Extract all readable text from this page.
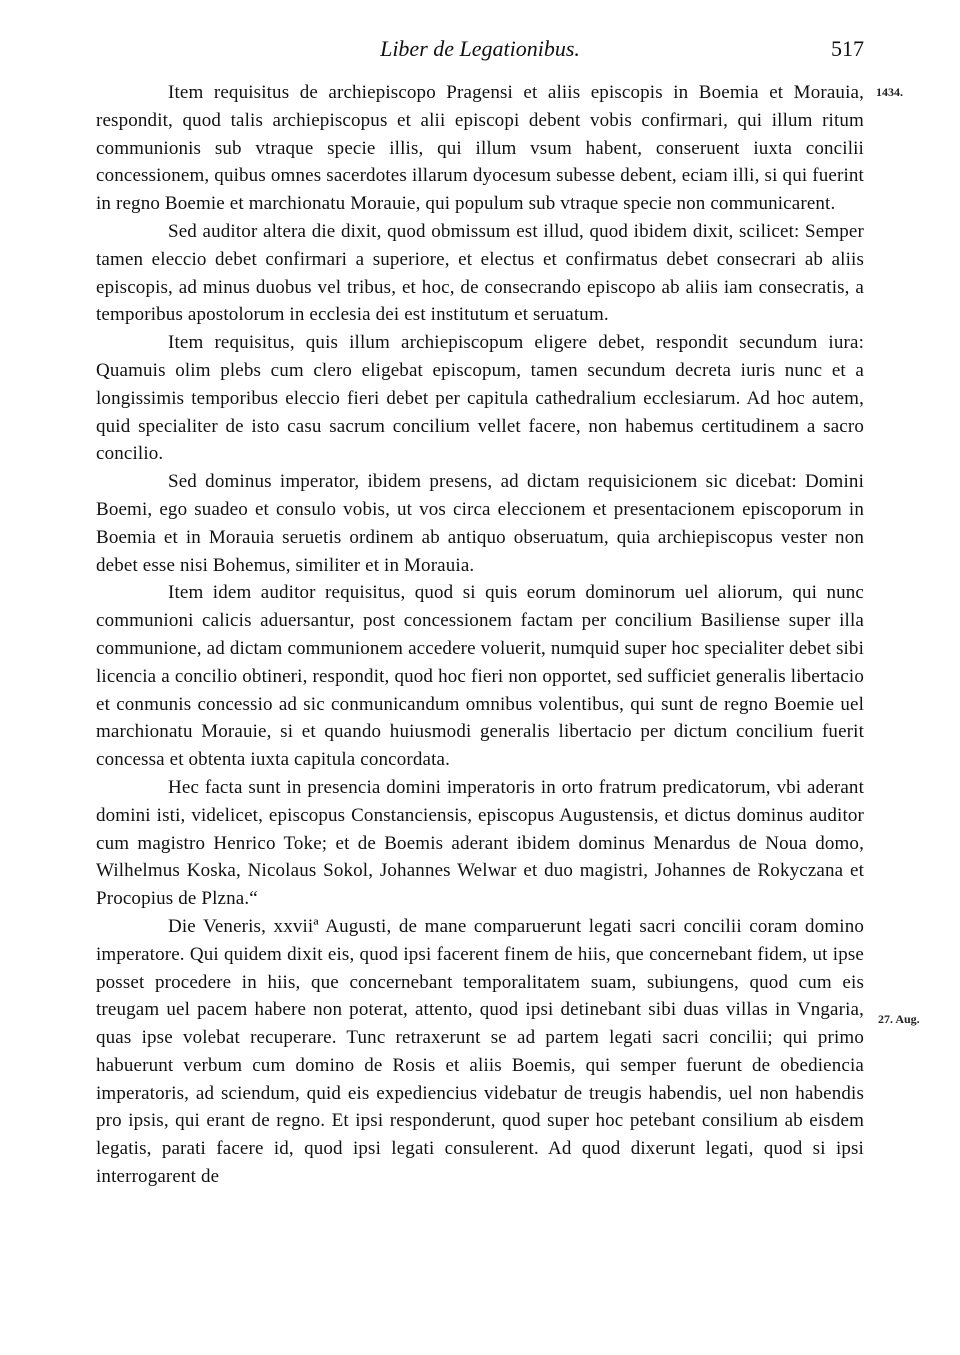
Liber de Legationibus.	517
1434.
27. Aug.

Item requisitus de archiepiscopo Pragensi et aliis episcopis in Boemia et Morauia, respondit, quod talis archiepiscopus et alii episcopi debent vobis confirmari, qui illum ritum communionis sub vtraque specie illis, qui illum vsum habent, conseruent iuxta concilii concessionem, quibus omnes sacerdotes illarum dyocesum subesse debent, eciam illi, si qui fuerint in regno Boemie et marchionatu Morauie, qui populum sub vtraque specie non communicarent.

Sed auditor altera die dixit, quod obmissum est illud, quod ibidem dixit, scilicet: Semper tamen eleccio debet confirmari a superiore, et electus et confirmatus debet consecrari ab aliis episcopis, ad minus duobus vel tribus, et hoc, de consecrando episcopo ab aliis iam consecratis, a temporibus apostolorum in ecclesia dei est institutum et seruatum.

Item requisitus, quis illum archiepiscopum eligere debet, respondit secundum iura: Quamuis olim plebs cum clero eligebat episcopum, tamen secundum decreta iuris nunc et a longissimis temporibus eleccio fieri debet per capitula cathedralium ecclesiarum. Ad hoc autem, quid specialiter de isto casu sacrum concilium vellet facere, non habemus certitudinem a sacro concilio.

Sed dominus imperator, ibidem presens, ad dictam requisicionem sic dicebat: Domini Boemi, ego suadeo et consulo vobis, ut vos circa eleccionem et presentacionem episcoporum in Boemia et in Morauia seruetis ordinem ab antiquo obseruatum, quia archiepiscopus vester non debet esse nisi Bohemus, similiter et in Morauia.

Item idem auditor requisitus, quod si quis eorum dominorum uel aliorum, qui nunc communioni calicis aduersantur, post concessionem factam per concilium Basiliense super illa communione, ad dictam communionem accedere voluerit, numquid super hoc specialiter debet sibi licencia a concilio obtineri, respondit, quod hoc fieri non opportet, sed sufficiet generalis libertacio et conmunis concessio ad sic conmunicandum omnibus volentibus, qui sunt de regno Boemie uel marchionatu Morauie, si et quando huiusmodi generalis libertacio per dictum concilium fuerit concessa et obtenta iuxta capitula concordata.

Hec facta sunt in presencia domini imperatoris in orto fratrum predicatorum, vbi aderant domini isti, videlicet, episcopus Constanciensis, episcopus Augustensis, et dictus dominus auditor cum magistro Henrico Toke; et de Boemis aderant ibidem dominus Menardus de Noua domo, Wilhelmus Koska, Nicolaus Sokol, Johannes Welwar et duo magistri, Johannes de Rokyczana et Procopius de Plzna.“

Die Veneris, xxviiª Augusti, de mane comparuerunt legati sacri concilii coram domino imperatore. Qui quidem dixit eis, quod ipsi facerent finem de hiis, que concernebant fidem, ut ipse posset procedere in hiis, que concernebant temporalitatem suam, subiungens, quod cum eis treugam uel pacem habere non poterat, attento, quod ipsi detinebant sibi duas villas in Vngaria, quas ipse volebat recuperare. Tunc retraxerunt se ad partem legati sacri concilii; qui primo habuerunt verbum cum domino de Rosis et aliis Boemis, qui semper fuerunt de obediencia imperatoris, ad sciendum, quid eis expediencius videbatur de treugis habendis, uel non habendis pro ipsis, qui erant de regno. Et ipsi responderunt, quod super hoc petebant consilium ab eisdem legatis, parati facere id, quod ipsi legati consulerent. Ad quod dixerunt legati, quod si ipsi interrogarent de
